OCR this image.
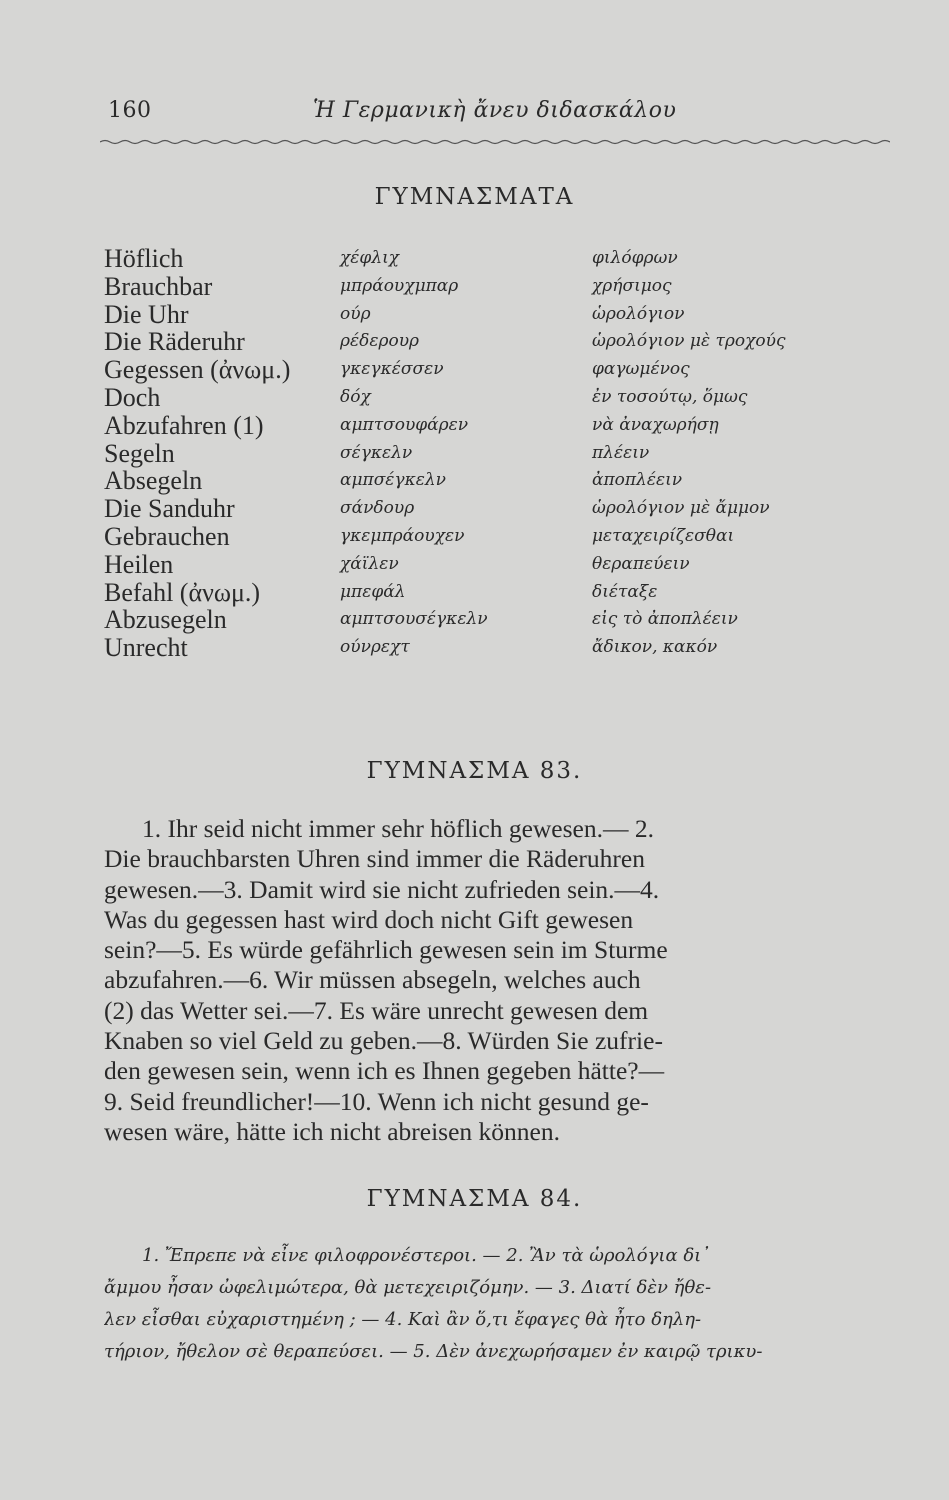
160	Ἡ Γερμανικὴ ἄνευ διδασκάλου
ΓΥΜΝΑΣΜΑΤΑ
Höflich	χέφλιχ	φιλόφρων
Brauchbar	μπράουχμπαρ	χρήσιμος
Die Uhr	ούρ	ὡρολόγιον
Die Räderuhr	ρέδερουρ	ὡρολόγιον μὲ τροχούς
Gegessen (ἀνωμ.)	γκεγκέσσεν	φαγωμένος
Doch	δόχ	ἐν τοσούτῳ, ὅμως
Abzufahren (1)	αμπτσουφάρεν	νὰ ἀναχωρήσῃ
Segeln	σέγκελν	πλέειν
Absegeln	αμπσέγκελν	ἀποπλέειν
Die Sanduhr	σάνδουρ	ὡρολόγιον μὲ ἄμμον
Gebrauchen	γκεμπράουχεν	μεταχειρίζεσθαι
Heilen	χάϊλεν	θεραπεύειν
Befahl (ἀνωμ.)	μπεφάλ	διέταξε
Abzusegeln	αμπτσουσέγκελν	εἰς τὸ ἀποπλέειν
Unrecht	ούνρεχτ	ἄδικον, κακόν
ΓΥΜΝΑΣΜΑ 83.
1. Ihr seid nicht immer sehr höflich gewesen.— 2.
Die brauchbarsten Uhren sind immer die Räderuhren
gewesen.—3. Damit wird sie nicht zufrieden sein.—4.
Was du gegessen hast wird doch nicht Gift gewesen
sein?—5. Es würde gefährlich gewesen sein im Sturme
abzufahren.—6. Wir müssen absegeln, welches auch
(2) das Wetter sei.—7. Es wäre unrecht gewesen dem
Knaben so viel Geld zu geben.—8. Würden Sie zufrie-
den gewesen sein, wenn ich es Ihnen gegeben hätte?—
9. Seid freundlicher!—10. Wenn ich nicht gesund ge-
wesen wäre, hätte ich nicht abreisen können.
ΓΥΜΝΑΣΜΑ 84.
1. Ἔπρεπε νὰ εἶνε φιλοφρονέστεροι. — 2. Ἂν τὰ ὡρολόγια δι᾽
ἄμμου ἦσαν ὠφελιμώτερα, θὰ μετεχειριζόμην. — 3. Διατί δὲν ἤθε-
λεν εἶσθαι εὐχαριστημένη ; — 4. Καὶ ἂν ὅ,τι ἔφαγες θὰ ἦτο δηλη-
τήριον, ἤθελον σὲ θεραπεύσει. — 5. Δὲν ἀνεχωρήσαμεν ἐν καιρῷ τρικυ-
